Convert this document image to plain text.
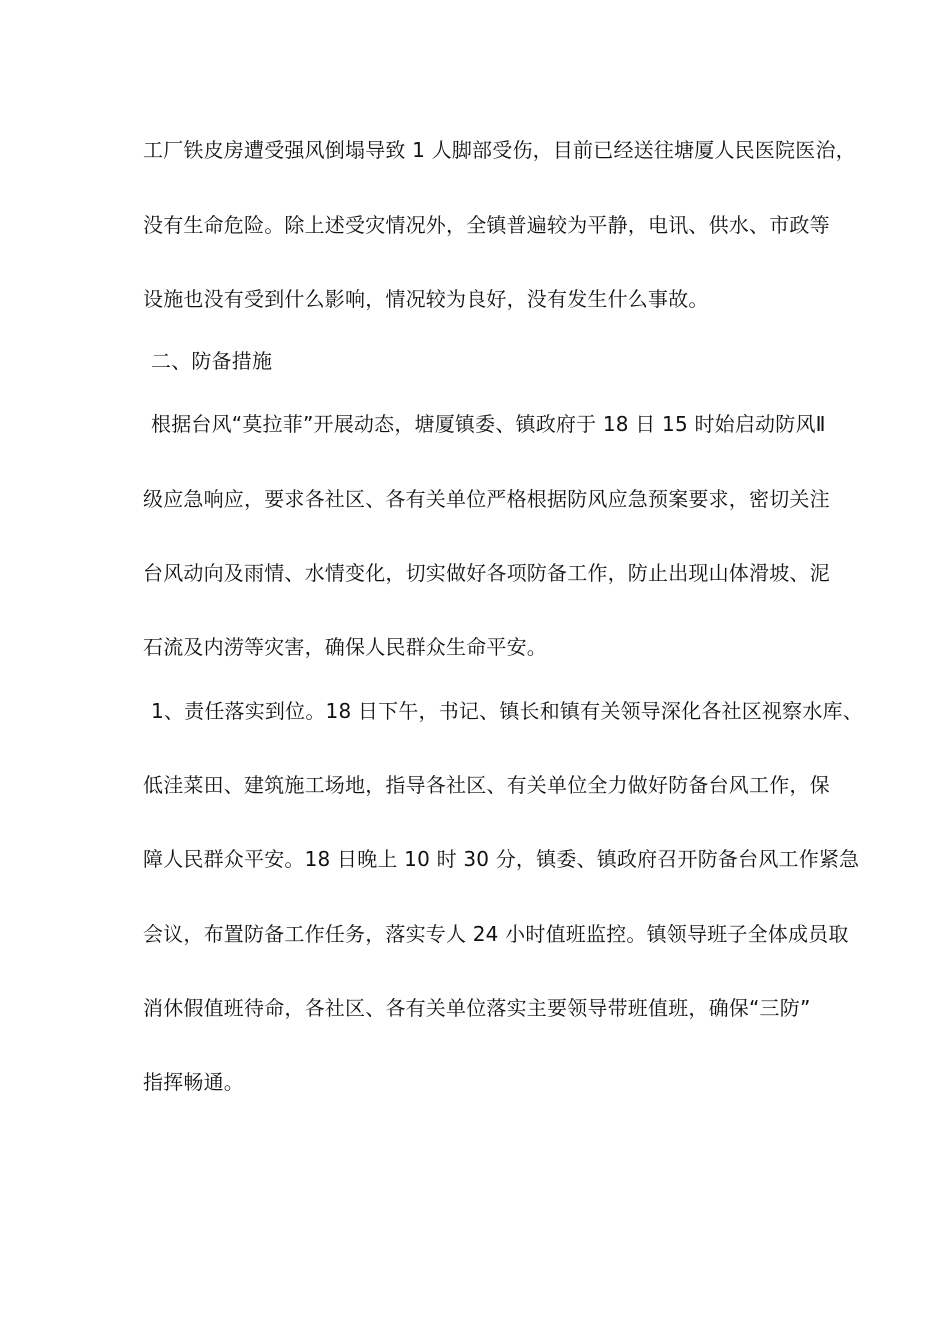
工厂铁皮房遭受强风倒塌导致 1 人脚部受伤，目前已经送往塘厦人民医院医治，
没有生命危险。除上述受灾情况外，全镇普遍较为平静，电讯、供水、市政等
设施也没有受到什么影响，情况较为良好，没有发生什么事故。
二、防备措施
根据台风“莫拉菲”开展动态，塘厦镇委、镇政府于 18 日 15 时始启动防风Ⅱ
级应急响应，要求各社区、各有关单位严格根据防风应急预案要求，密切关注
台风动向及雨情、水情变化，切实做好各项防备工作，防止出现山体滑坡、泥
石流及内涝等灾害，确保人民群众生命平安。
1、责任落实到位。18 日下午，书记、镇长和镇有关领导深化各社区视察水库、
低洼菜田、建筑施工场地，指导各社区、有关单位全力做好防备台风工作，保
障人民群众平安。18 日晚上 10 时 30 分，镇委、镇政府召开防备台风工作紧急
会议，布置防备工作任务，落实专人 24 小时值班监控。镇领导班子全体成员取
消休假值班待命，各社区、各有关单位落实主要领导带班值班，确保“三防”
指挥畅通。
